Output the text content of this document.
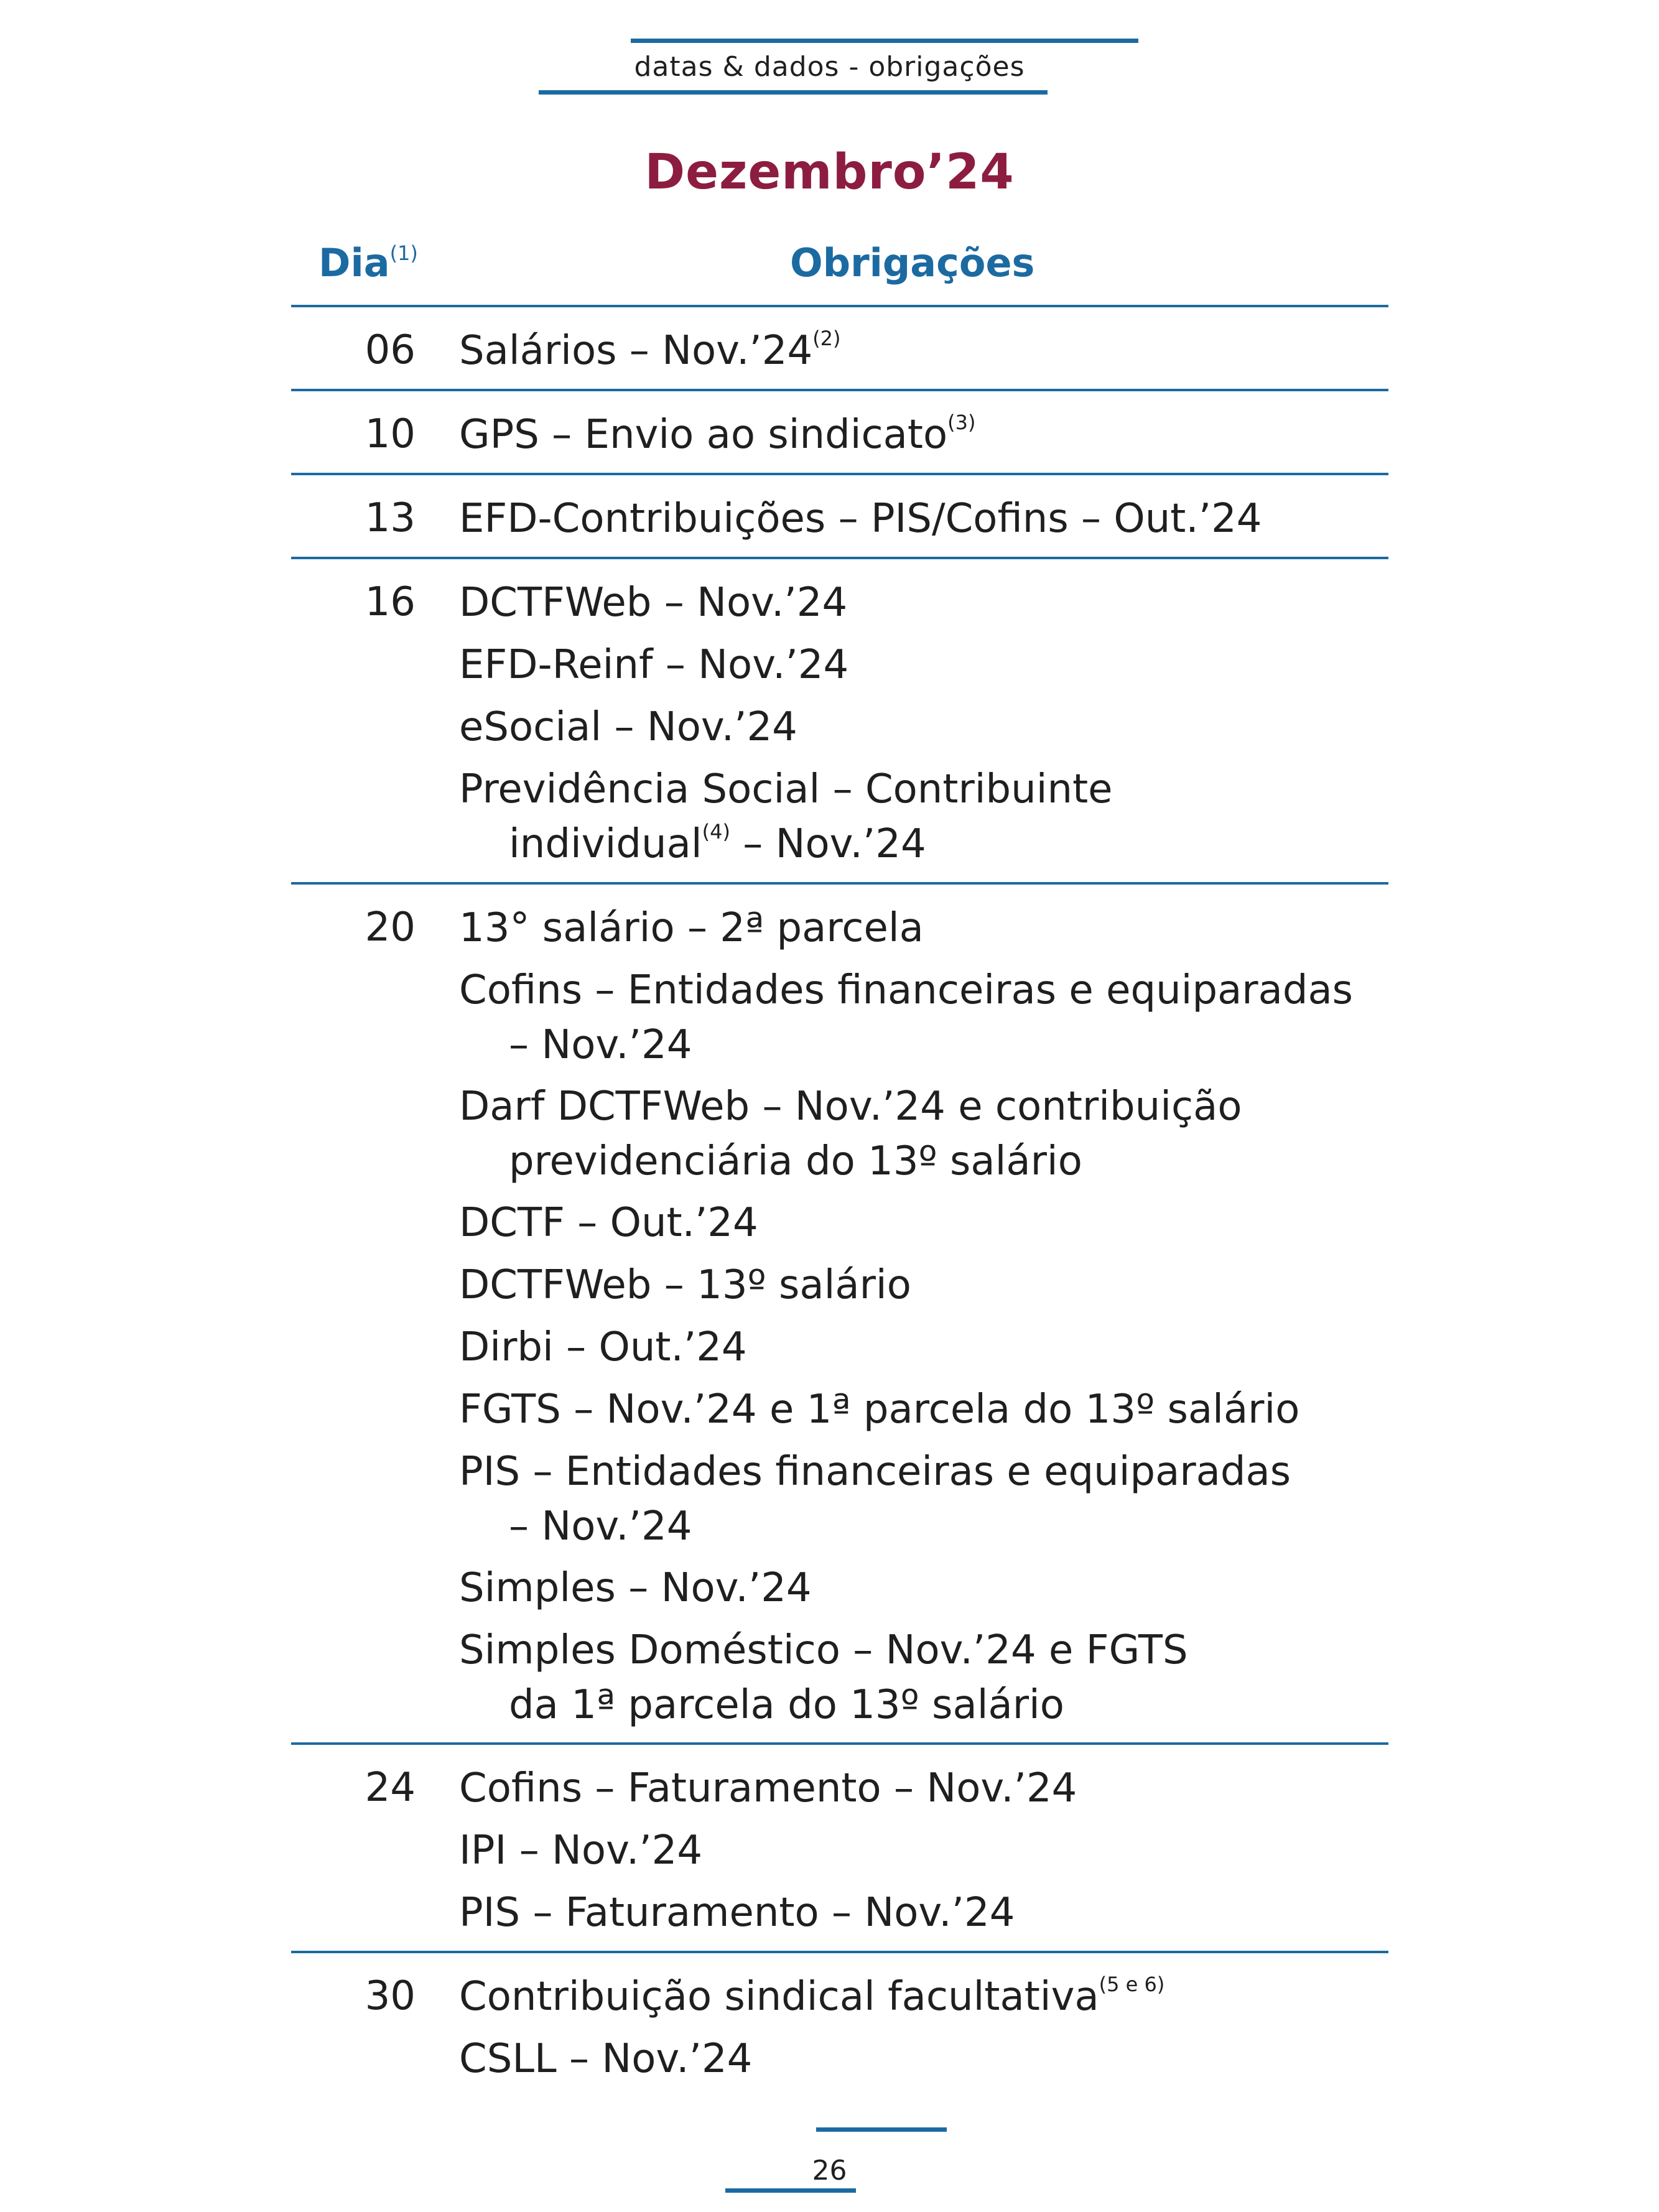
datas & dados - obrigações
Dezembro’24
Dia$^{(1)}$	Obrigações
06 Salários – Nov.’24$^{(2)}$
10 GPS – Envio ao sindicato$^{(3)}$
13 EFD-Contribuições – PIS/Cofins – Out.’24
16 DCTFWeb – Nov.’24
EFD-Reinf – Nov.’24
eSocial – Nov.’24
Previdência Social – Contribuinte
individual$^{(4)}$ – Nov.’24
20 13° salário – 2ª parcela
Cofins – Entidades financeiras e equiparadas
– Nov.’24
Darf DCTFWeb – Nov.’24 e contribuição
previdenciária do 13º salário
DCTF – Out.’24
DCTFWeb – 13º salário
Dirbi – Out.’24
FGTS – Nov.’24 e 1ª parcela do 13º salário
PIS – Entidades financeiras e equiparadas
– Nov.’24
Simples – Nov.’24
Simples Doméstico – Nov.’24 e FGTS
da 1ª parcela do 13º salário
24 Cofins – Faturamento – Nov.’24
IPI – Nov.’24
PIS – Faturamento – Nov.’24
30 Contribuição sindical facultativa$^{(5 e 6)}$
CSLL – Nov.’24
26
